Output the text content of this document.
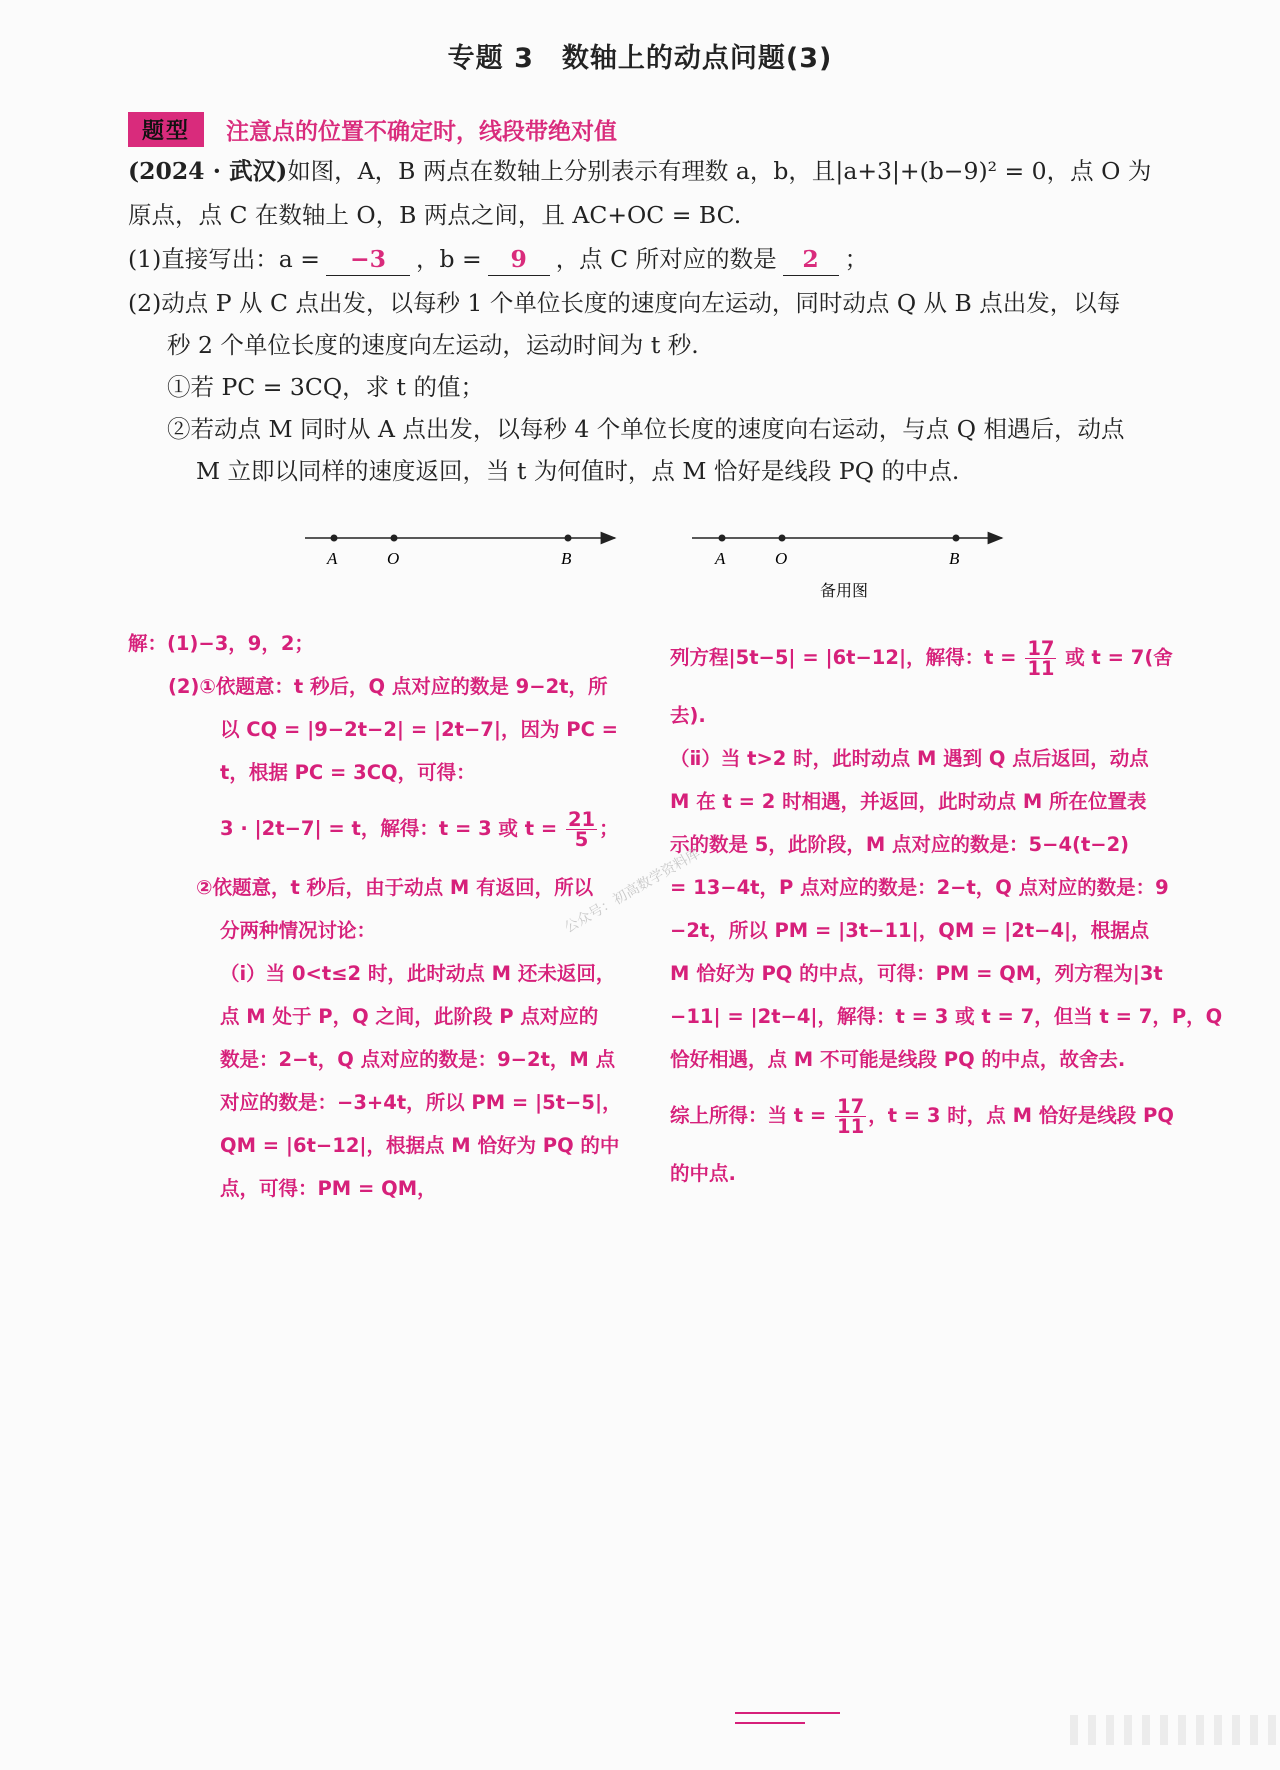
专题 3　数轴上的动点问题(3)
题型	注意点的位置不确定时，线段带绝对值
(2024 · 武汉)如图，A，B 两点在数轴上分别表示有理数 a，b，且|a+3|+(b−9)² = 0，点 O 为
原点，点 C 在数轴上 O，B 两点之间，且 AC+OC = BC.
(1)直接写出：a = −3 ，b = 9 ，点 C 所对应的数是 2 ；
(2)动点 P 从 C 点出发，以每秒 1 个单位长度的速度向左运动，同时动点 Q 从 B 点出发，以每
秒 2 个单位长度的速度向左运动，运动时间为 t 秒.
①若 PC = 3CQ，求 t 的值；
②若动点 M 同时从 A 点出发，以每秒 4 个单位长度的速度向右运动，与点 Q 相遇后，动点
M 立即以同样的速度返回，当 t 为何值时，点 M 恰好是线段 PQ 的中点.
A	O	B	A	O	B
备用图
解：(1)−3，9，2；
(2)①依题意：t 秒后，Q 点对应的数是 9−2t，所
以 CQ = |9−2t−2| = |2t−7|，因为 PC =
t，根据 PC = 3CQ，可得：
3 · |2t−7| = t，解得：t = 3 或 $t = \frac{21}{5}$ ；
②依题意，t 秒后，由于动点 M 有返回，所以
分两种情况讨论：
（ⅰ）当 0<t≤2 时，此时动点 M 还未返回，
点 M 处于 P，Q 之间，此阶段 P 点对应的
数是：2−t，Q 点对应的数是：9−2t，M 点
对应的数是：−3+4t，所以 PM = |5t−5|，
QM = |6t−12|，根据点 M 恰好为 PQ 的中
点，可得：PM = QM，
列方程|5t−5| = |6t−12|，解得：$t = \frac{17}{11}$ 或 t = 7(舍
去).
（ⅱ）当 t>2 时，此时动点 M 遇到 Q 点后返回，动点
M 在 t = 2 时相遇，并返回，此时动点 M 所在位置表
示的数是 5，此阶段，M 点对应的数是：5−4(t−2)
= 13−4t，P 点对应的数是：2−t，Q 点对应的数是：9
−2t，所以 PM = |3t−11|，QM = |2t−4|，根据点
M 恰好为 PQ 的中点，可得：PM = QM，列方程为|3t
−11| = |2t−4|，解得：t = 3 或 t = 7，但当 t = 7，P，Q
恰好相遇，点 M 不可能是线段 PQ 的中点，故舍去.
综上所得：当 $t = \frac{17}{11}$ ，t = 3 时，点 M 恰好是线段 PQ
的中点.
公众号：初高数学资料库
